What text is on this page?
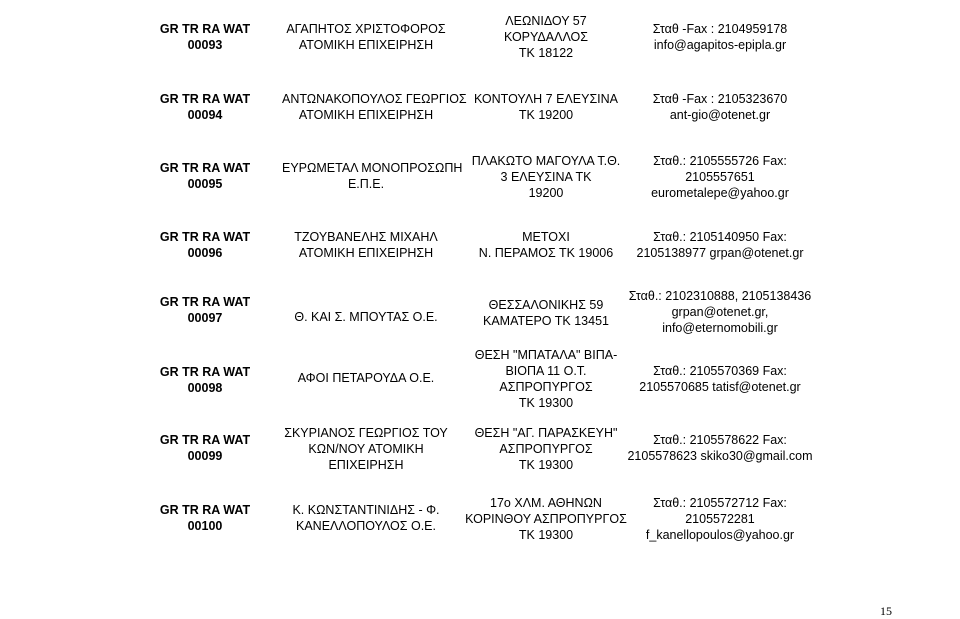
GR TR RA WAT
00093
ΑΓΑΠΗΤΟΣ ΧΡΙΣΤΟΦΟΡΟΣ
ΑΤΟΜΙΚΗ ΕΠΙΧΕΙΡΗΣΗ
ΛΕΩΝΙΔΟΥ 57
ΚΟΡΥΔΑΛΛΟΣ
ΤΚ 18122
Σταθ -Fax : 2104959178
info@agapitos-epipla.gr
GR TR RA WAT
00094
ΑΝΤΩΝΑΚΟΠΟΥΛΟΣ ΓΕΩΡΓΙΟΣ
ΑΤΟΜΙΚΗ ΕΠΙΧΕΙΡΗΣΗ
ΚΟΝΤΟΥΛΗ 7 ΕΛΕΥΣΙΝΑ
ΤΚ 19200
Σταθ -Fax : 2105323670
ant-gio@otenet.gr
GR TR RA WAT
00095
ΕΥΡΩΜΕΤΑΛ ΜΟΝΟΠΡΟΣΩΠΗ
Ε.Π.Ε.
ΠΛΑΚΩΤΟ ΜΑΓΟΥΛΑ Τ.Θ.
3 ΕΛΕΥΣΙΝΑ ΤΚ
19200
Σταθ.: 2105555726 Fax:
2105557651
eurometalepe@yahoo.gr
GR TR RA WAT
00096
ΤΖΟΥΒΑΝΕΛΗΣ ΜΙΧΑΗΛ
ΑΤΟΜΙΚΗ ΕΠΙΧΕΙΡΗΣΗ
ΜΕΤΟΧΙ
Ν. ΠΕΡΑΜΟΣ ΤΚ 19006
Σταθ.: 2105140950 Fax:
2105138977 grpan@otenet.gr
GR TR RA WAT
00097	Θ. ΚΑΙ Σ. ΜΠΟΥΤΑΣ Ο.Ε.
ΘΕΣΣΑΛΟΝΙΚΗΣ 59
ΚΑΜΑΤΕΡΟ ΤΚ 13451
Σταθ.: 2102310888, 2105138436
grpan@otenet.gr,
info@eternomobili.gr
GR TR RA WAT
00098
ΑΦΟΙ ΠΕΤΑΡΟΥΔΑ Ο.Ε.
ΘΕΣΗ "ΜΠΑΤΑΛΑ" ΒΙΠΑ-
ΒΙΟΠΑ 11 Ο.Τ.
ΑΣΠΡΟΠΥΡΓΟΣ
ΤΚ 19300
Σταθ.: 2105570369 Fax:
2105570685 tatisf@otenet.gr
GR TR RA WAT
00099
ΣΚΥΡΙΑΝΟΣ ΓΕΩΡΓΙΟΣ ΤΟΥ
ΚΩΝ/ΝΟΥ ΑΤΟΜΙΚΗ
ΕΠΙΧΕΙΡΗΣΗ
ΘΕΣΗ "ΑΓ. ΠΑΡΑΣΚΕΥΗ"
ΑΣΠΡΟΠΥΡΓΟΣ
ΤΚ 19300
Σταθ.: 2105578622 Fax:
2105578623 skiko30@gmail.com
GR TR RA WAT
00100
Κ. ΚΩΝΣΤΑΝΤΙΝΙΔΗΣ - Φ.
ΚΑΝΕΛΛΟΠΟΥΛΟΣ Ο.Ε.
17ο ΧΛΜ. ΑΘΗΝΩΝ
ΚΟΡΙΝΘΟΥ ΑΣΠΡΟΠΥΡΓΟΣ
ΤΚ 19300
Σταθ.: 2105572712 Fax:
2105572281
f_kanellopoulos@yahoo.gr
15
